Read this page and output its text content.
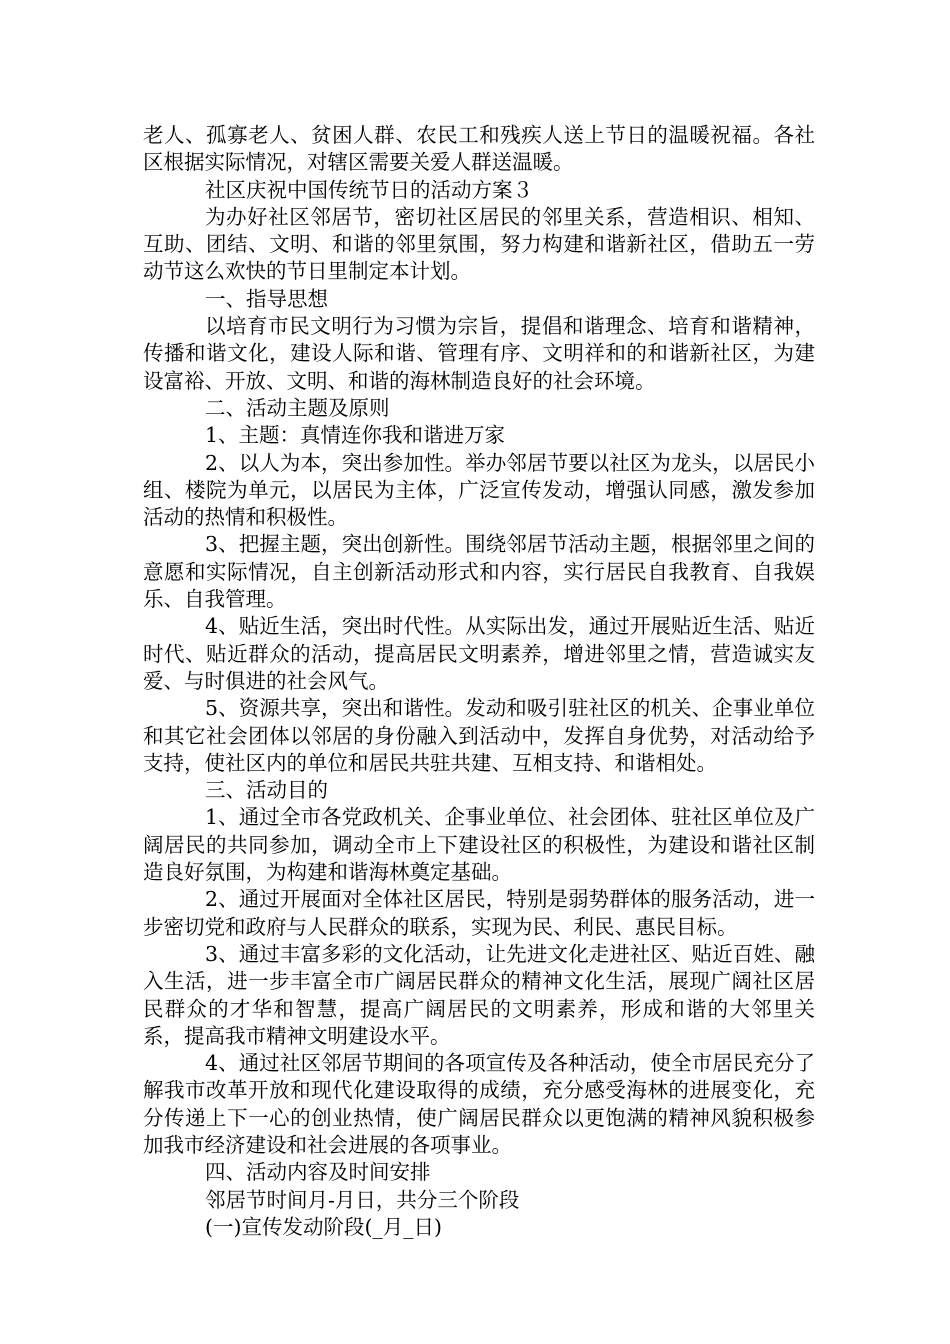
老人、孤寡老人、贫困人群、农民工和残疾人送上节日的温暖祝福。各社区根据实际情况，对辖区需要关爱人群送温暖。

社区庆祝中国传统节日的活动方案３

为办好社区邻居节，密切社区居民的邻里关系，营造相识、相知、互助、团结、文明、和谐的邻里氛围，努力构建和谐新社区，借助五一劳动节这么欢快的节日里制定本计划。

一、指导思想

以培育市民文明行为习惯为宗旨，提倡和谐理念、培育和谐精神，传播和谐文化，建设人际和谐、管理有序、文明祥和的和谐新社区，为建设富裕、开放、文明、和谐的海林制造良好的社会环境。

二、活动主题及原则

1、主题：真情连你我和谐进万家

2、以人为本，突出参加性。举办邻居节要以社区为龙头，以居民小组、楼院为单元，以居民为主体，广泛宣传发动，增强认同感，激发参加活动的热情和积极性。

3、把握主题，突出创新性。围绕邻居节活动主题，根据邻里之间的意愿和实际情况，自主创新活动形式和内容，实行居民自我教育、自我娱乐、自我管理。

4、贴近生活，突出时代性。从实际出发，通过开展贴近生活、贴近时代、贴近群众的活动，提高居民文明素养，增进邻里之情，营造诚实友爱、与时俱进的社会风气。

5、资源共享，突出和谐性。发动和吸引驻社区的机关、企事业单位和其它社会团体以邻居的身份融入到活动中，发挥自身优势，对活动给予支持，使社区内的单位和居民共驻共建、互相支持、和谐相处。

三、活动目的

1、通过全市各党政机关、企事业单位、社会团体、驻社区单位及广阔居民的共同参加，调动全市上下建设社区的积极性，为建设和谐社区制造良好氛围，为构建和谐海林奠定基础。

2、通过开展面对全体社区居民，特别是弱势群体的服务活动，进一步密切党和政府与人民群众的联系，实现为民、利民、惠民目标。

3、通过丰富多彩的文化活动，让先进文化走进社区、贴近百姓、融入生活，进一步丰富全市广阔居民群众的精神文化生活，展现广阔社区居民群众的才华和智慧，提高广阔居民的文明素养，形成和谐的大邻里关系，提高我市精神文明建设水平。

4、通过社区邻居节期间的各项宣传及各种活动，使全市居民充分了解我市改革开放和现代化建设取得的成绩，充分感受海林的进展变化，充分传递上下一心的创业热情，使广阔居民群众以更饱满的精神风貌积极参加我市经济建设和社会进展的各项事业。

四、活动内容及时间安排

邻居节时间月-月日，共分三个阶段

(一)宣传发动阶段(_月_日)
